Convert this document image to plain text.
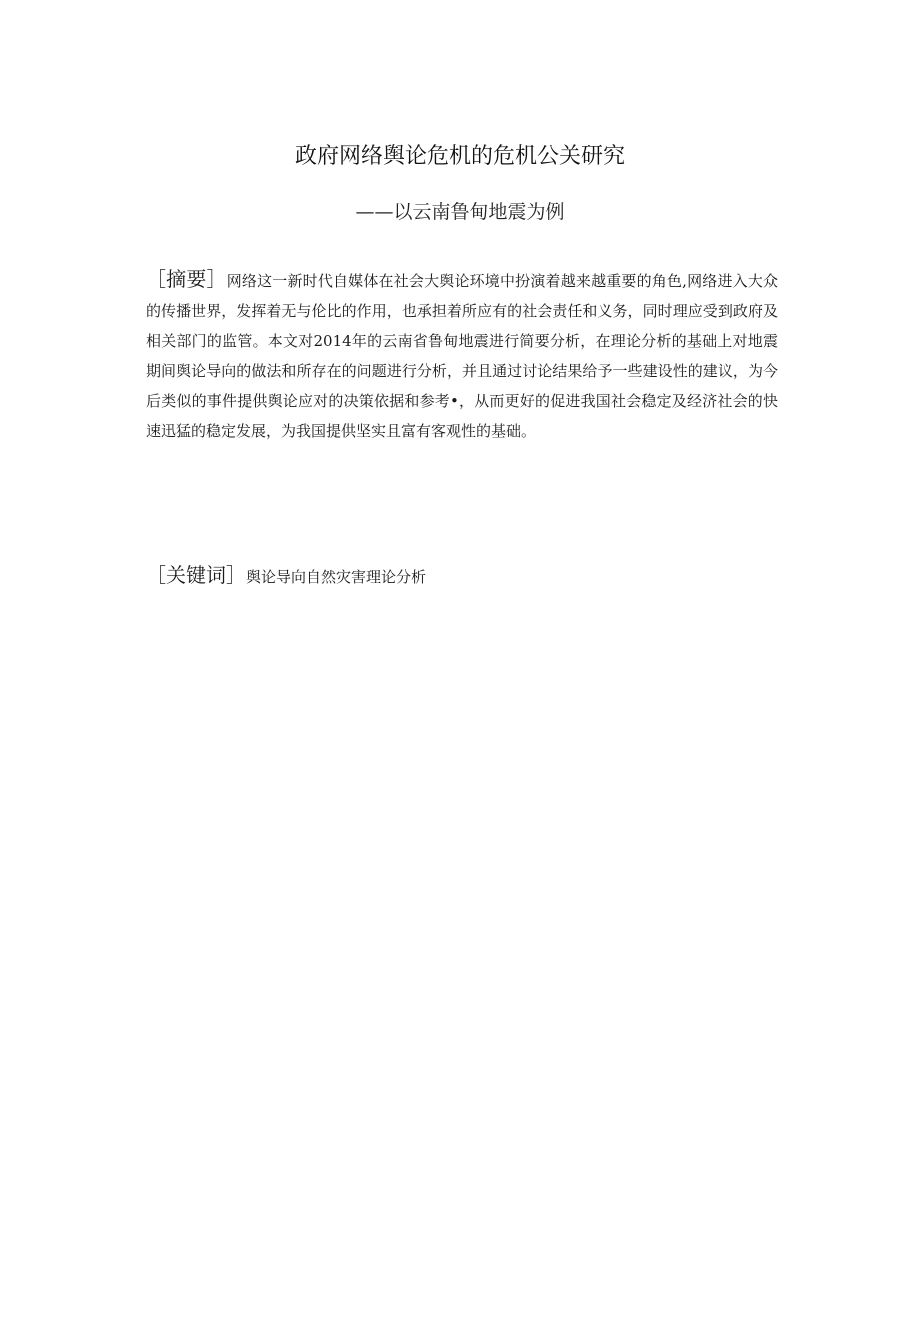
政府网络舆论危机的危机公关研究
——以云南鲁甸地震为例
［摘要］网络这一新时代自媒体在社会大舆论环境中扮演着越来越重要的角色,网络进入大众的传播世界，发挥着无与伦比的作用，也承担着所应有的社会责任和义务，同时理应受到政府及相关部门的监管。本文对2014年的云南省鲁甸地震进行简要分析，在理论分析的基础上对地震期间舆论导向的做法和所存在的问题进行分析，并且通过讨论结果给予一些建设性的建议，为今后类似的事件提供舆论应对的决策依据和参考•，从而更好的促进我国社会稳定及经济社会的快速迅猛的稳定发展，为我国提供坚实且富有客观性的基础。
［关键词］舆论导向自然灾害理论分析
